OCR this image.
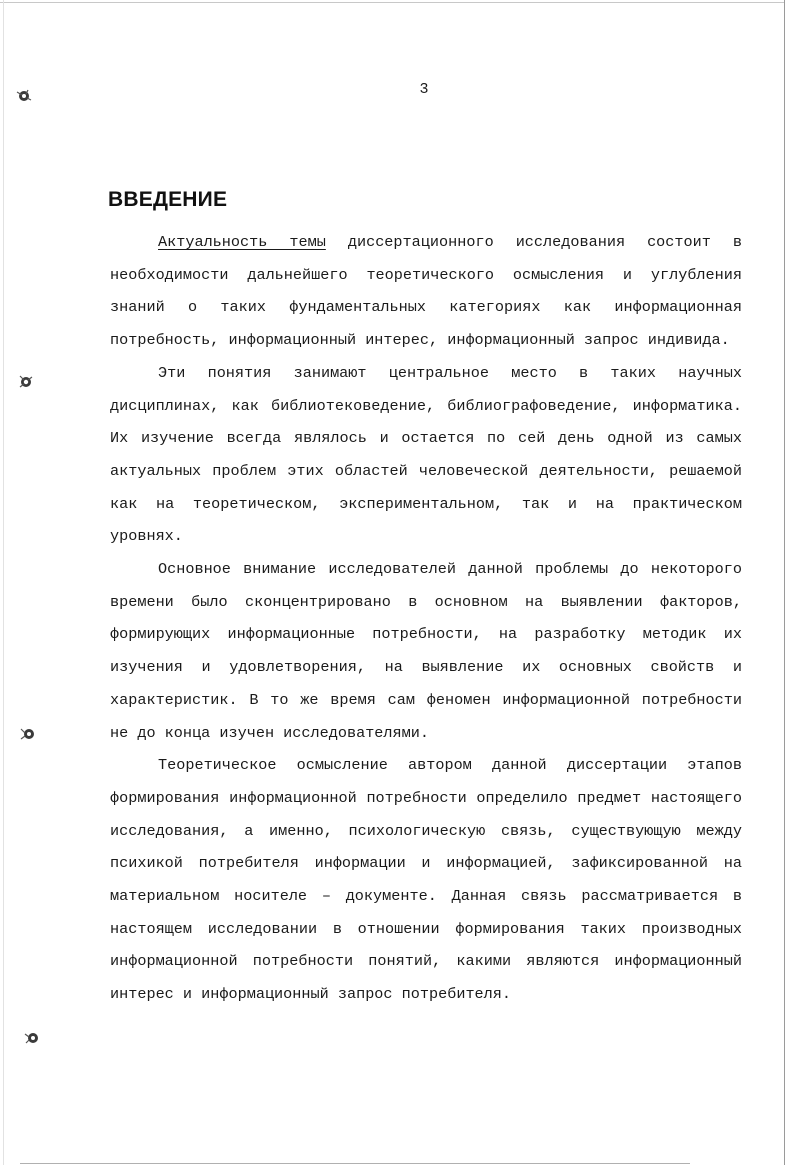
3
ВВЕДЕНИЕ

Актуальность темы диссертационного исследования состоит в необходимости дальнейшего теоретического осмысления и углубления знаний о таких фундаментальных категориях как информационная потребность, информационный интерес, информационный запрос индивида.

Эти понятия занимают центральное место в таких научных дисциплинах, как библиотековедение, библиографоведение, информатика. Их изучение всегда являлось и остается по сей день одной из самых актуальных проблем этих областей человеческой деятельности, решаемой как на теоретическом, экспериментальном, так и на практическом уровнях.

Основное внимание исследователей данной проблемы до некоторого времени было сконцентрировано в основном на выявлении факторов, формирующих информационные потребности, на разработку методик их изучения и удовлетворения, на выявление их основных свойств и характеристик. В то же время сам феномен информационной потребности не до конца изучен исследователями.

Теоретическое осмысление автором данной диссертации этапов формирования информационной потребности определило предмет настоящего исследования, а именно, психологическую связь, существующую между психикой потребителя информации и информацией, зафиксированной на материальном носителе – документе. Данная связь рассматривается в настоящем исследовании в отношении формирования таких производных информационной потребности понятий, какими являются информационный интерес и информационный запрос потребителя.
